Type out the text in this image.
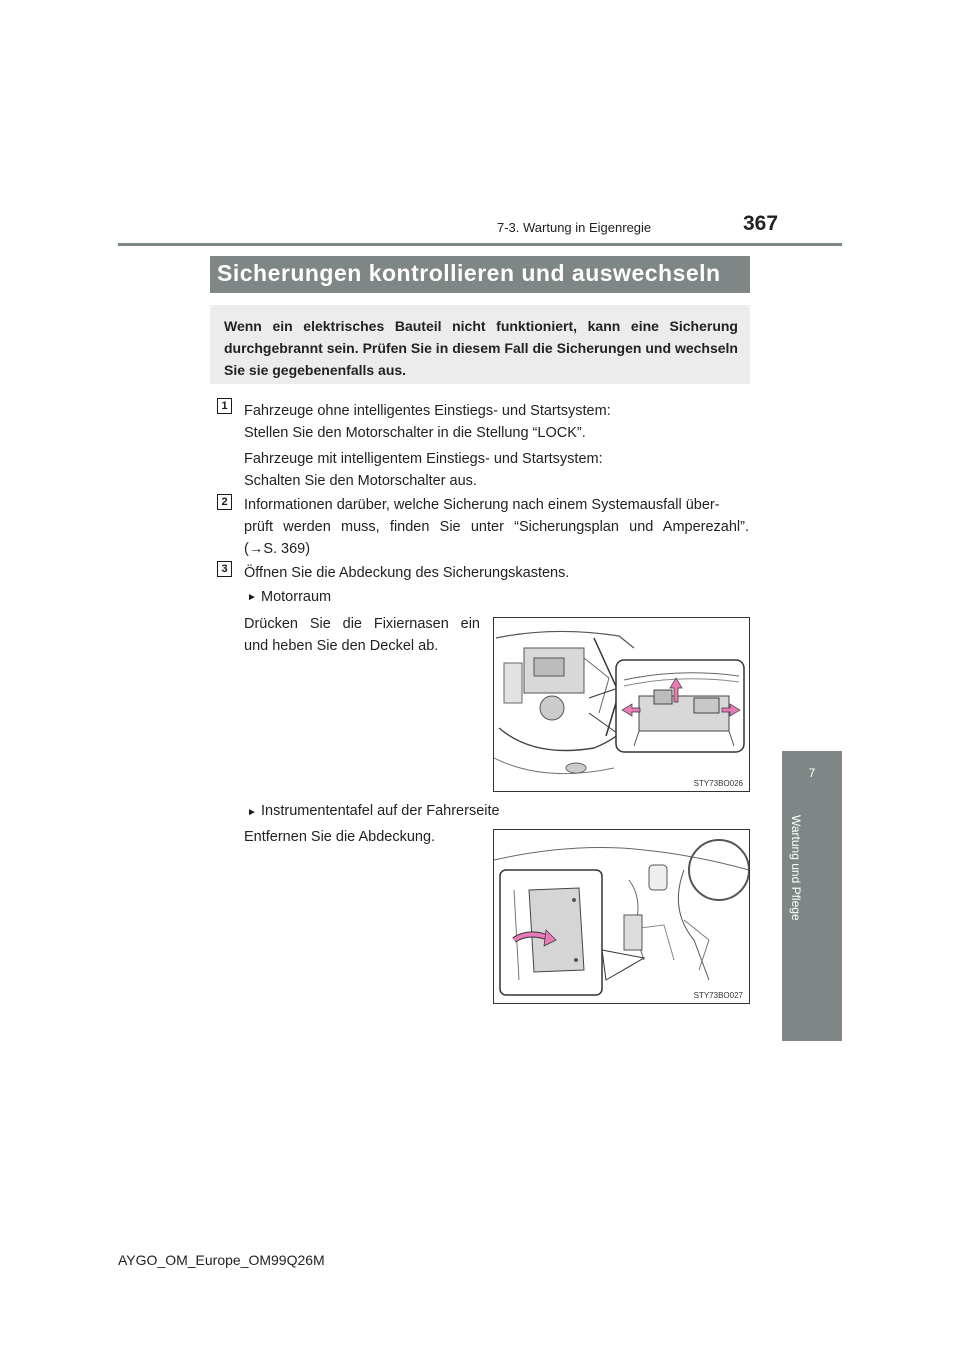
7-3. Wartung in Eigenregie	367
7
Wartung und Pflege
Sicherungen kontrollieren und auswechseln

Wenn ein elektrisches Bauteil nicht funktioniert, kann eine Sicherung durchgebrannt sein. Prüfen Sie in diesem Fall die Sicherungen und wechseln Sie sie gegebenenfalls aus.

1	Fahrzeuge ohne intelligentes Einstiegs- und Startsystem:
Stellen Sie den Motorschalter in die Stellung “LOCK”.
Fahrzeuge mit intelligentem Einstiegs- und Startsystem:
Schalten Sie den Motorschalter aus.
2	Informationen darüber, welche Sicherung nach einem Systemausfall über-
prüft werden muss, finden Sie unter “Sicherungsplan und Amperezahl”.
(→S. 369)
3	Öffnen Sie die Abdeckung des Sicherungskastens.
► Motorraum
Drücken Sie die Fixiernasen ein
und heben Sie den Deckel ab.
STY73BO026
► Instrumententafel auf der Fahrerseite
Entfernen Sie die Abdeckung.
STY73BO027
AYGO_OM_Europe_OM99Q26M
